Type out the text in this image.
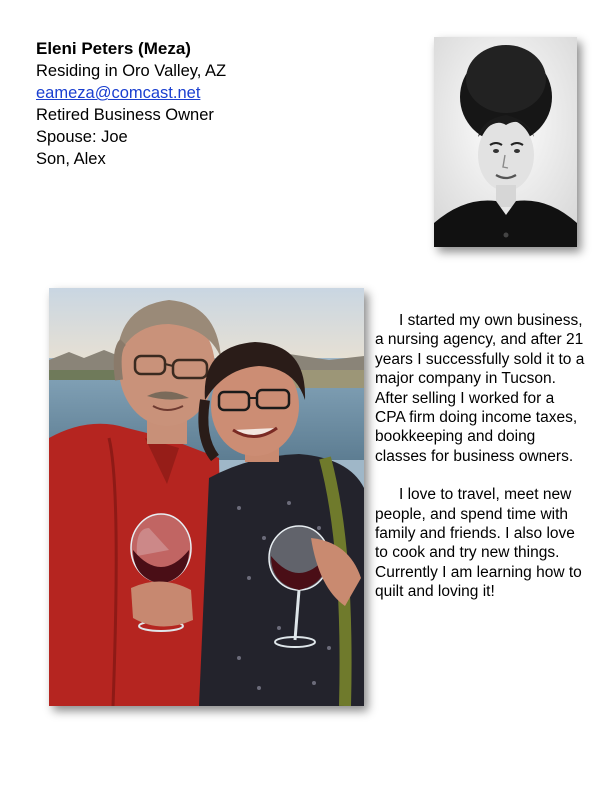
Eleni Peters (Meza)
Residing in Oro Valley, AZ
eameza@comcast.net
Retired Business Owner
Spouse: Joe
Son, Alex

I started my own business, a nursing agency, and after 21 years I successfully sold it to a major company in Tucson. After selling I worked for a CPA firm doing income taxes, bookkeeping and doing classes for business owners.

I love to travel, meet new people, and spend time with family and friends. I also love to cook and try new things. Currently I am learning how to quilt and loving it!
